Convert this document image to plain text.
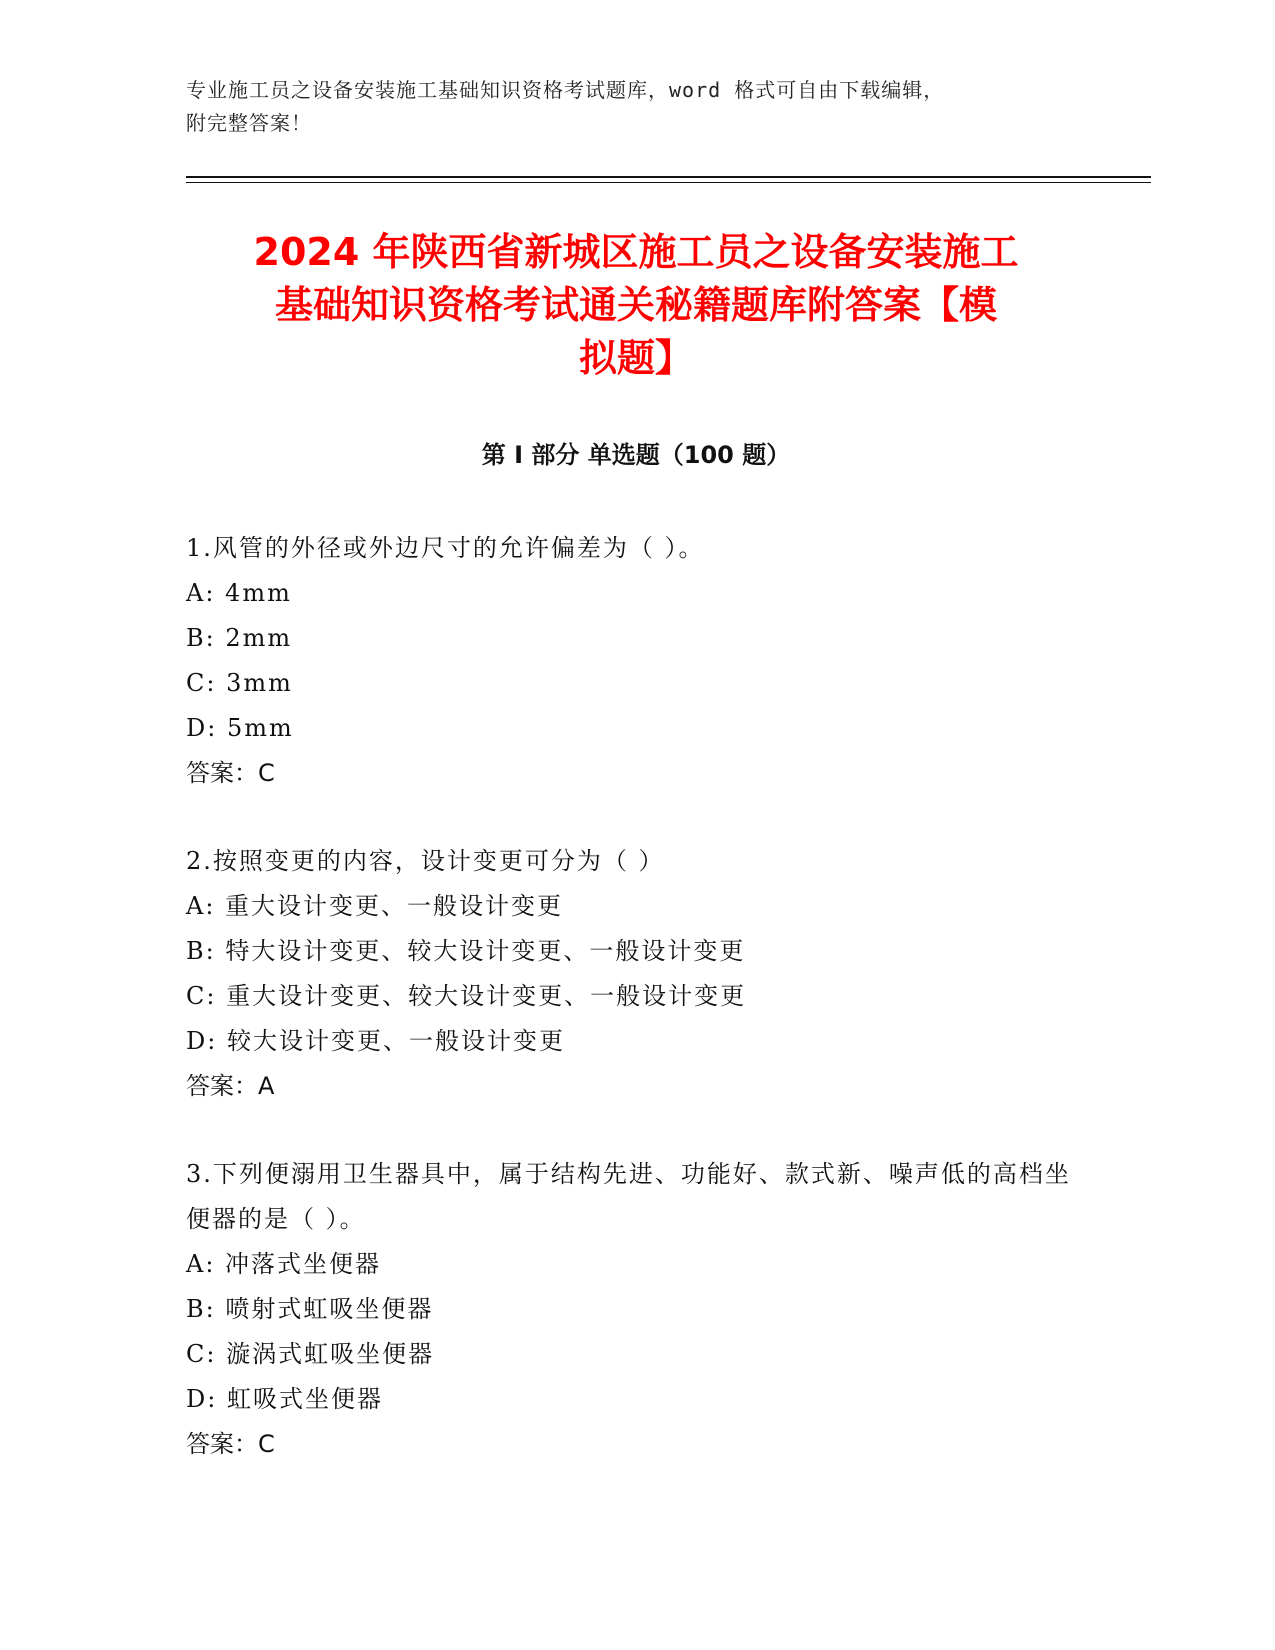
专业施工员之设备安装施工基础知识资格考试题库，word 格式可自由下载编辑，
附完整答案！
2024 年陕西省新城区施工员之设备安装施工
基础知识资格考试通关秘籍题库附答案【模
拟题】
第 I 部分 单选题（100 题）

1.风管的外径或外边尺寸的允许偏差为（ ）。

A: 4mm

B: 2mm

C: 3mm

D: 5mm

答案：C

2.按照变更的内容，设计变更可分为（ ）

A: 重大设计变更、一般设计变更

B: 特大设计变更、较大设计变更、一般设计变更

C: 重大设计变更、较大设计变更、一般设计变更

D: 较大设计变更、一般设计变更

答案：A

3.下列便溺用卫生器具中，属于结构先进、功能好、款式新、噪声低的高档坐便器的是（ ）。

A: 冲落式坐便器

B: 喷射式虹吸坐便器

C: 漩涡式虹吸坐便器

D: 虹吸式坐便器

答案：C
